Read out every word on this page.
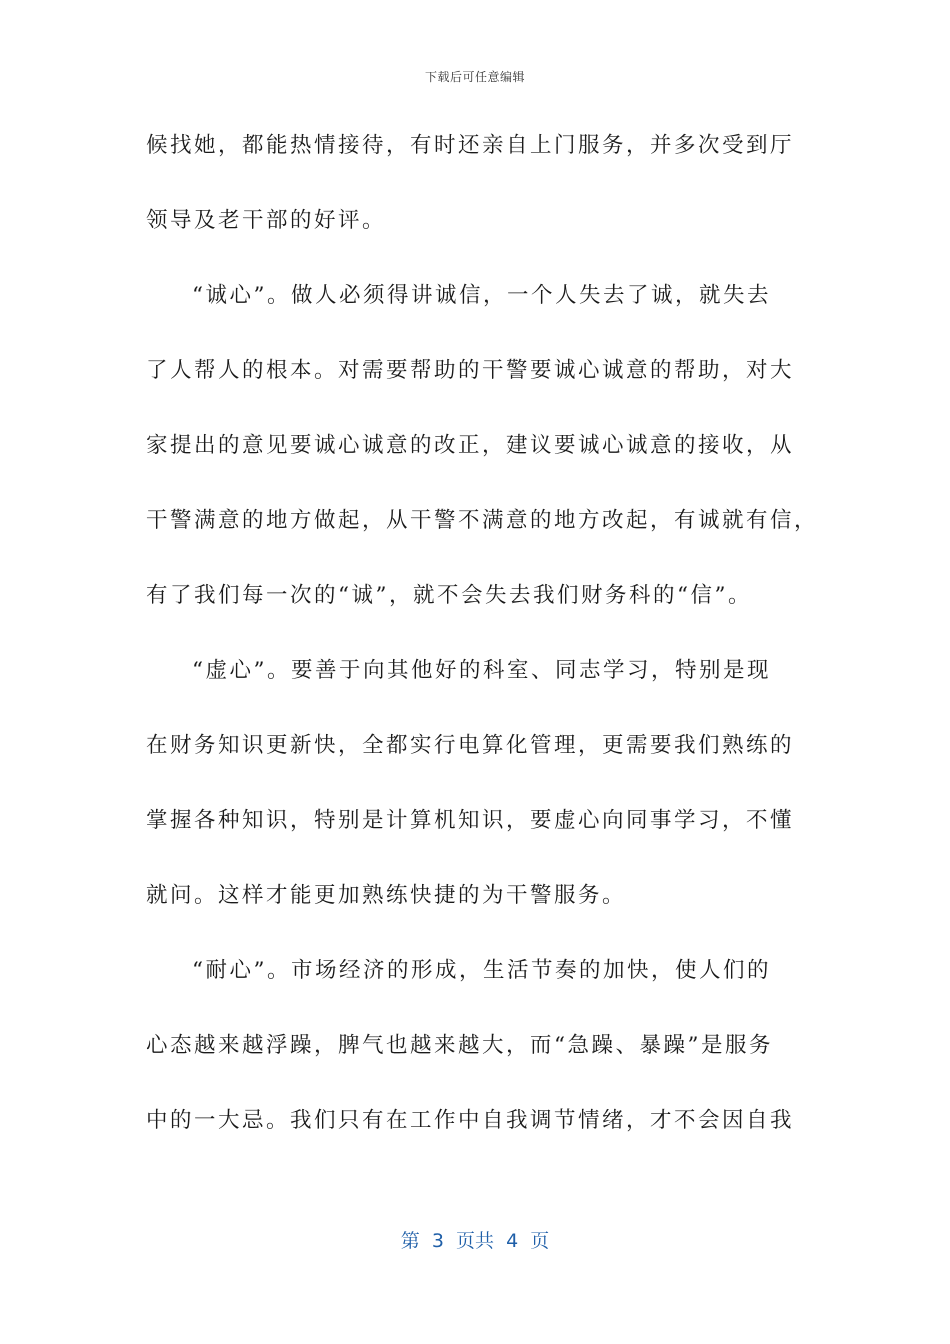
下载后可任意编辑
候找她，都能热情接待，有时还亲自上门服务，并多次受到厅
领导及老干部的好评。
“诚心”。做人必须得讲诚信，一个人失去了诚，就失去
了人帮人的根本。对需要帮助的干警要诚心诚意的帮助，对大
家提出的意见要诚心诚意的改正，建议要诚心诚意的接收，从
干警满意的地方做起，从干警不满意的地方改起，有诚就有信，
有了我们每一次的“诚”，就不会失去我们财务科的“信”。
“虚心”。要善于向其他好的科室、同志学习，特别是现
在财务知识更新快，全都实行电算化管理，更需要我们熟练的
掌握各种知识，特别是计算机知识，要虚心向同事学习，不懂
就问。这样才能更加熟练快捷的为干警服务。
“耐心”。市场经济的形成，生活节奏的加快，使人们的
心态越来越浮躁，脾气也越来越大，而“急躁、暴躁”是服务
中的一大忌。我们只有在工作中自我调节情绪，才不会因自我
第  3  页共  4  页
